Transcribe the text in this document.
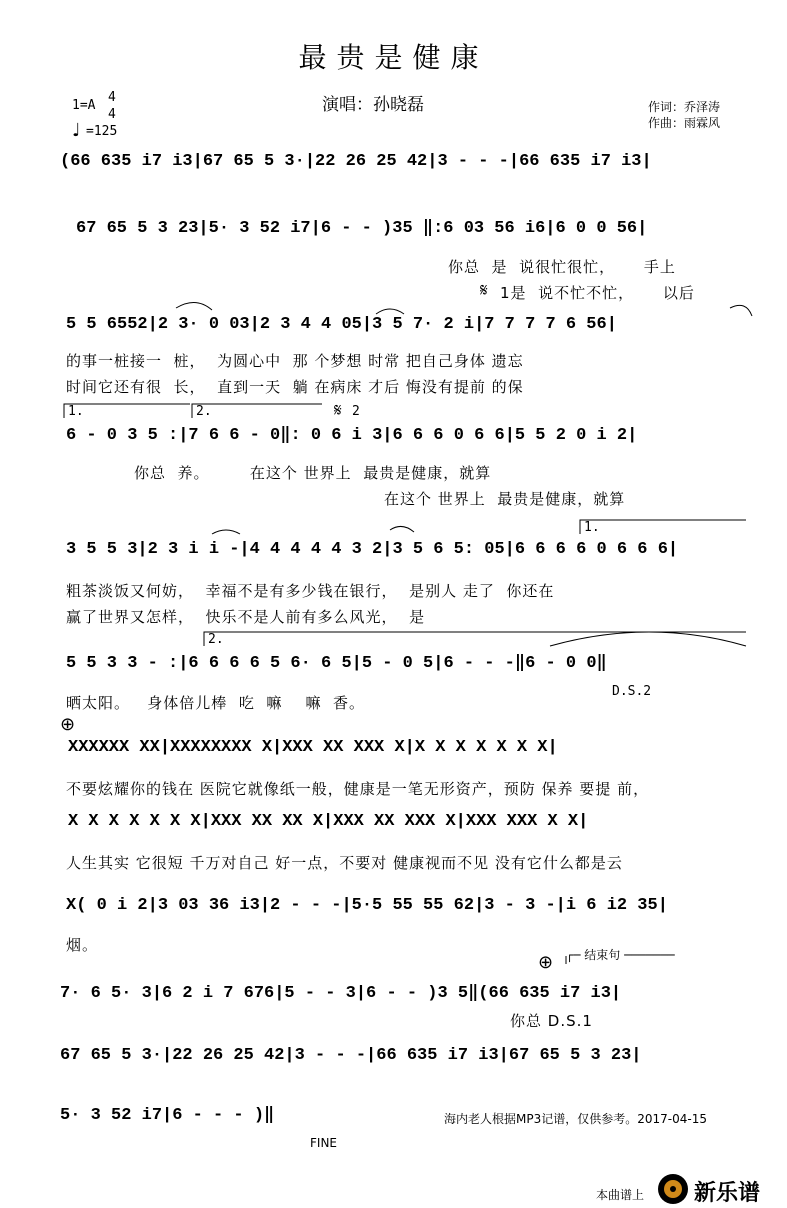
最贵是健康
演唱：孙晓磊	作词：乔泽涛
作曲：雨霖风
1=A
4
4
=125
♩
(66 635 i7 i3|67 65 5 3·|22 26 25 42|3 - - -|66 635 i7 i3|
67 65 5 3 23|5· 3 52 i7|6 - - )35 ‖:6 03 56 i6|6 0 0 56|
你总  是  说很忙很忙，     手上
𝄋 1是  说不忙不忙，     以后
5 5 6552|2 3· 0 03|2 3 4 4 05|3 5 7· 2 i|7 7 7 7 6 56|
的事一桩接一  桩，  为圆心中  那 个梦想 时常 把自己身体 遗忘
时间它还有很  长，  直到一天  躺 在病床 才后 悔没有提前 的保
1.	2.	𝄋 2
6 - 0 3 5 :|7 6 6 - 0‖: 0 6 i 3|6 6 6 0 6 6|5 5 2 0 i 2|
你总  养。       在这个 世界上  最贵是健康，就算
在这个 世界上  最贵是健康，就算
1.
3 5 5 3|2 3 i i -|4 4 4 4 4 3 2|3 5 6 5: 05|6 6 6 6 0 6 6 6|
粗茶淡饭又何妨，  幸福不是有多少钱在银行，  是别人 走了  你还在
赢了世界又怎样，  快乐不是人前有多么风光，  是
2.
5 5 3 3 - :|6 6 6 6 5 6· 6 5|5 - 0 5|6 - - -‖6 - 0 0‖
晒太阳。   身体倍儿棒  吃  嘛    嘛  香。
D.S.2
⊕
XXXXXX XX|XXXXXXXX X|XXX XX XXX X|X X X X X X X|
不要炫耀你的钱在 医院它就像纸一般，健康是一笔无形资产，预防 保养 要提 前，
X X X X X X X|XXX XX XX X|XXX XX XXX X|XXX XXX X X|
人生其实 它很短 千万对自己 好一点，不要对 健康视而不见 没有它什么都是云
X( 0 i 2|3 03 36 i3|2 - - -|5·5 55 55 62|3 - 3 -|i 6 i2 35|
烟。
⊕ ┌─ 结束句 ───────
7· 6 5· 3|6 2 i 7 676|5 - - 3|6 - - )3 5‖(66 635 i7 i3|
你总 D.S.1
67 65 5 3·|22 26 25 42|3 - - -|66 635 i7 i3|67 65 5 3 23|
5· 3 52 i7|6 - - - )‖	海内老人根据MP3记谱，仅供参考。2017-04-15
FINE
本曲谱上 新乐谱
